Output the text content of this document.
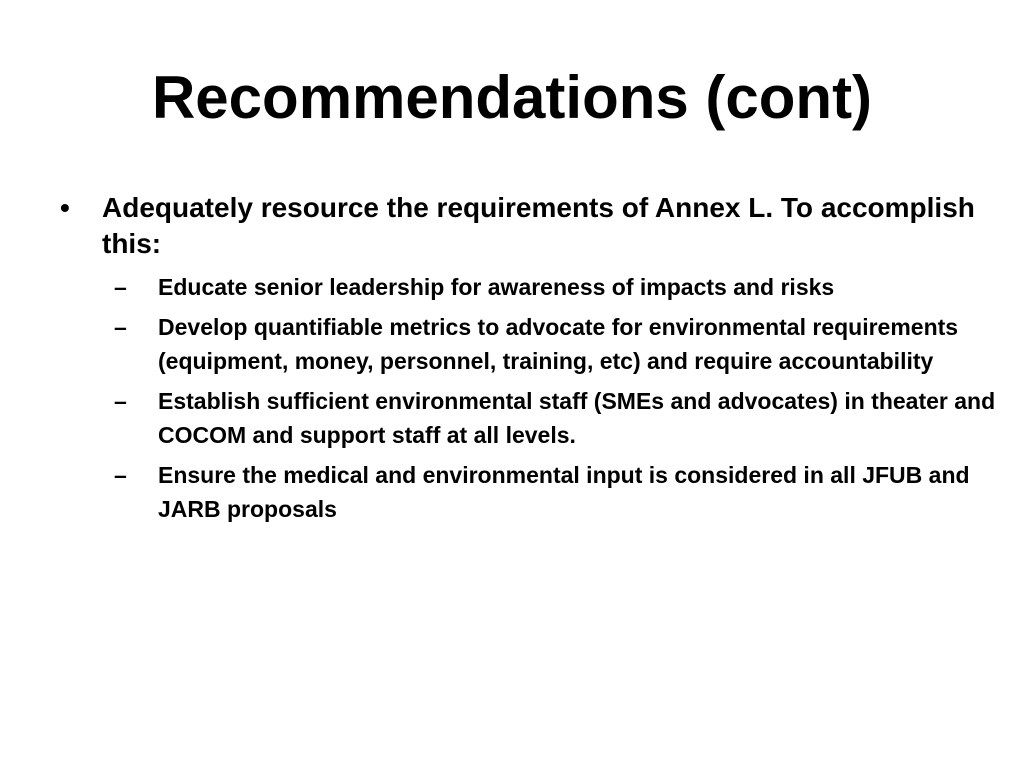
Recommendations (cont)
•	Adequately resource the requirements of Annex L. To accomplish this:
–	Educate senior leadership for awareness of impacts and risks
–	Develop quantifiable metrics to advocate for environmental requirements (equipment, money, personnel, training, etc) and require accountability
–	Establish sufficient environmental staff (SMEs and advocates) in theater and COCOM and support staff at all levels.
–	Ensure the medical and environmental input is considered in all JFUB and JARB proposals
